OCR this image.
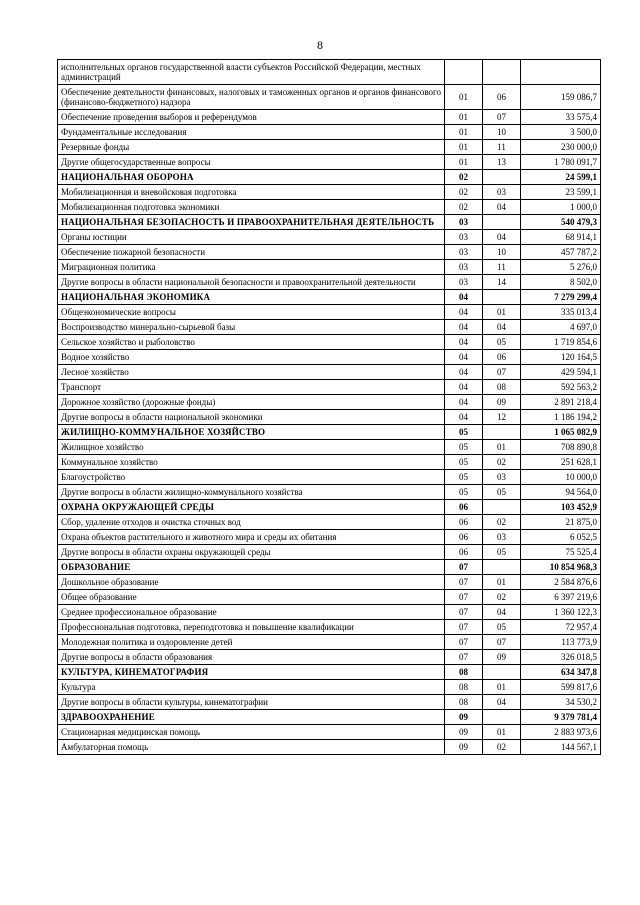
8
исполнительных органов государственной власти субъектов Российской Федерации, местных администраций			
Обеспечение деятельности финансовых, налоговых и таможенных органов и органов финансового (финансово-бюджетного) надзора	01	06	159 086,7
Обеспечение проведения выборов и референдумов	01	07	33 575,4
Фундаментальные исследования	01	10	3 500,0
Резервные фонды	01	11	230 000,0
Другие общегосударственные вопросы	01	13	1 780 091,7
НАЦИОНАЛЬНАЯ ОБОРОНА	02		24 599,1
Мобилизационная и вневойсковая подготовка	02	03	23 599,1
Мобилизационная подготовка экономики	02	04	1 000,0
НАЦИОНАЛЬНАЯ БЕЗОПАСНОСТЬ И ПРАВООХРАНИТЕЛЬНАЯ ДЕЯТЕЛЬНОСТЬ	03		540 479,3
Органы юстиции	03	04	68 914,1
Обеспечение пожарной безопасности	03	10	457 787,2
Миграционная политика	03	11	5 276,0
Другие вопросы в области национальной безопасности и правоохранительной деятельности	03	14	8 502,0
НАЦИОНАЛЬНАЯ ЭКОНОМИКА	04		7 279 299,4
Общеэкономические вопросы	04	01	335 013,4
Воспроизводство минерально-сырьевой базы	04	04	4 697,0
Сельское хозяйство и рыболовство	04	05	1 719 854,6
Водное хозяйство	04	06	120 164,5
Лесное хозяйство	04	07	429 594,1
Транспорт	04	08	592 563,2
Дорожное хозяйство (дорожные фонды)	04	09	2 891 218,4
Другие вопросы в области национальной экономики	04	12	1 186 194,2
ЖИЛИЩНО-КОММУНАЛЬНОЕ ХОЗЯЙСТВО	05		1 065 082,9
Жилищное хозяйство	05	01	708 890,8
Коммунальное хозяйство	05	02	251 628,1
Благоустройство	05	03	10 000,0
Другие вопросы в области жилищно-коммунального хозяйства	05	05	94 564,0
ОХРАНА ОКРУЖАЮЩЕЙ СРЕДЫ	06		103 452,9
Сбор, удаление отходов и очистка сточных вод	06	02	21 875,0
Охрана объектов растительного и животного мира и среды их обитания	06	03	6 052,5
Другие вопросы в области охраны окружающей среды	06	05	75 525,4
ОБРАЗОВАНИЕ	07		10 854 968,3
Дошкольное образование	07	01	2 584 876,6
Общее образование	07	02	6 397 219,6
Среднее профессиональное образование	07	04	1 360 122,3
Профессиональная подготовка, переподготовка и повышение квалификации	07	05	72 957,4
Молодежная политика и оздоровление детей	07	07	113 773,9
Другие вопросы в области образования	07	09	326 018,5
КУЛЬТУРА, КИНЕМАТОГРАФИЯ	08		634 347,8
Культура	08	01	599 817,6
Другие вопросы в области культуры, кинематографии	08	04	34 530,2
ЗДРАВООХРАНЕНИЕ	09		9 379 781,4
Стационарная медицинская помощь	09	01	2 883 973,6
Амбулаторная помощь	09	02	144 567,1
